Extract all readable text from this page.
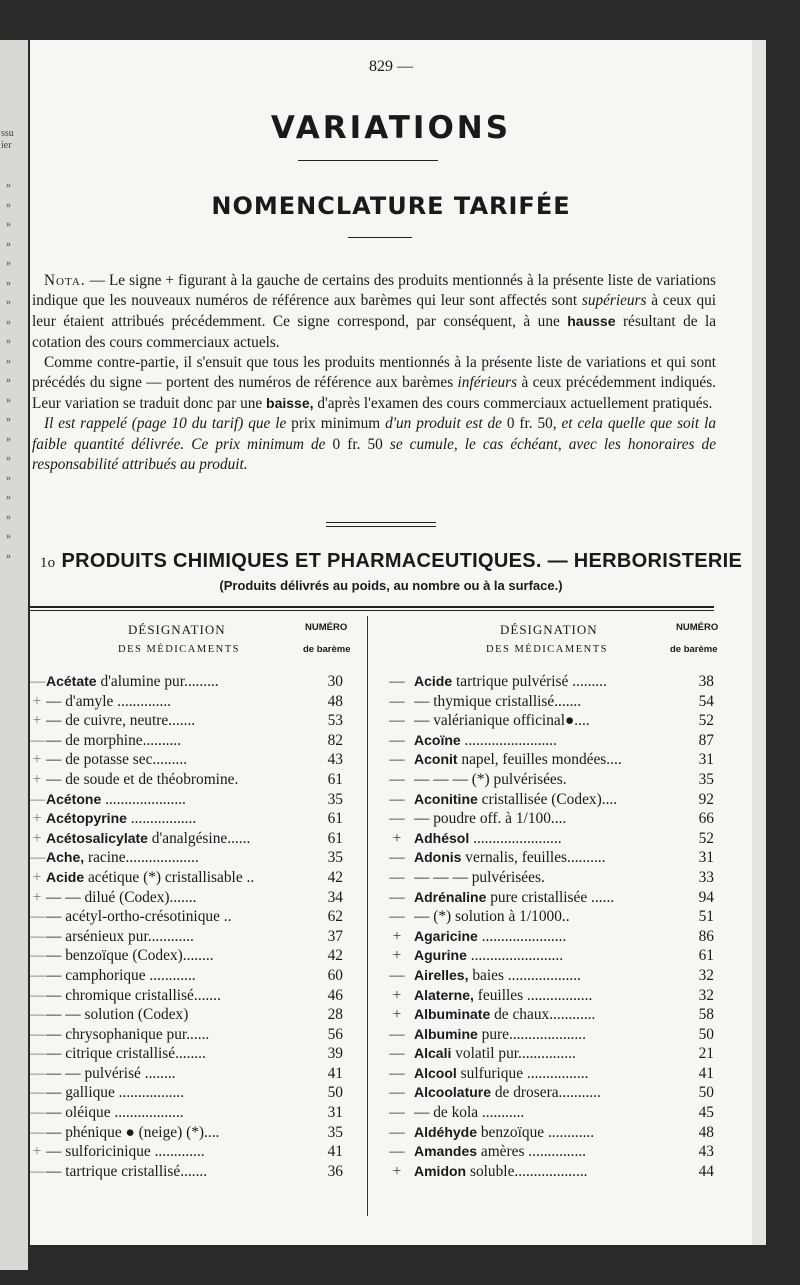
ssu
ier
»
»
»
»
»
»
»
»
»
»
»
»
»
»
»
»
»
»
»
»
829 —
VARIATIONS
NOMENCLATURE TARIFÉE

Nota. — Le signe + figurant à la gauche de certains des produits mentionnés à la présente liste de variations indique que les nouveaux numéros de référence aux barèmes qui leur sont affectés sont supérieurs à ceux qui leur étaient attribués précédemment. Ce signe correspond, par conséquent, à une hausse résultant de la cotation des cours commerciaux actuels.

Comme contre-partie, il s'ensuit que tous les produits mentionnés à la présente liste de variations et qui sont précédés du signe — portent des numéros de référence aux barèmes inférieurs à ceux précédemment indiqués. Leur variation se traduit donc par une baisse, d'après l'examen des cours commerciaux actuellement pratiqués.

Il est rappelé (page 10 du tarif) que le prix minimum d'un produit est de 0 fr. 50, et cela quelle que soit la faible quantité délivrée. Ce prix minimum de 0 fr. 50 se cumule, le cas échéant, avec les honoraires de responsabilité attribués au produit.

1o PRODUITS CHIMIQUES ET PHARMACEUTIQUES. — HERBORISTERIE
(Produits délivrés au poids, au nombre ou à la surface.)
DÉSIGNATION
DES MÉDICAMENTS
NUMÉRO
de barème
— Acétate d'alumine pur.........	30
+ — d'amyle ..............	48
+ — de cuivre, neutre.......	53
— — de morphine..........	82
+ — de potasse sec.........	43
+ — de soude et de théobromine.	61
— Acétone .....................	35
+ Acétopyrine .................	61
+ Acétosalicylate d'analgésine......	61
— Ache, racine...................	35
+ Acide acétique (*) cristallisable ..	42
+ — — dilué (Codex).......	34
— — acétyl-ortho-crésotinique ..	62
— — arsénieux pur............	37
— — benzoïque (Codex)........	42
— — camphorique ............	60
— — chromique cristallisé.......	46
— — — solution (Codex)	28
— — chrysophanique pur......	56
— — citrique cristallisé........	39
— — — pulvérisé ........	41
— — gallique .................	50
— — oléique ..................	31
— — phénique ● (neige) (*)....	35
+ — sulforicinique .............	41
— — tartrique cristallisé.......	36
DÉSIGNATION
DES MÉDICAMENTS
NUMÉRO
de barème
— Acide tartrique pulvérisé .........	38
— — thymique cristallisé.......	54
— — valérianique officinal●....	52
— Acoïne ........................	87
— Aconit napel, feuilles mondées....	31
— — — — (*) pulvérisées.	35
— Aconitine cristallisée (Codex)....	92
— — poudre off. à 1/100....	66
+ Adhésol .......................	52
— Adonis vernalis, feuilles..........	31
— — — — pulvérisées.	33
— Adrénaline pure cristallisée ......	94
— — (*) solution à 1/1000..	51
+ Agaricine ......................	86
+ Agurine ........................	61
— Airelles, baies ...................	32
+ Alaterne, feuilles .................	32
+ Albuminate de chaux............	58
— Albumine pure....................	50
— Alcali volatil pur...............	21
— Alcool sulfurique ................	41
— Alcoolature de drosera...........	50
— — de kola ...........	45
— Aldéhyde benzoïque ............	48
— Amandes amères ...............	43
+ Amidon soluble...................	44
